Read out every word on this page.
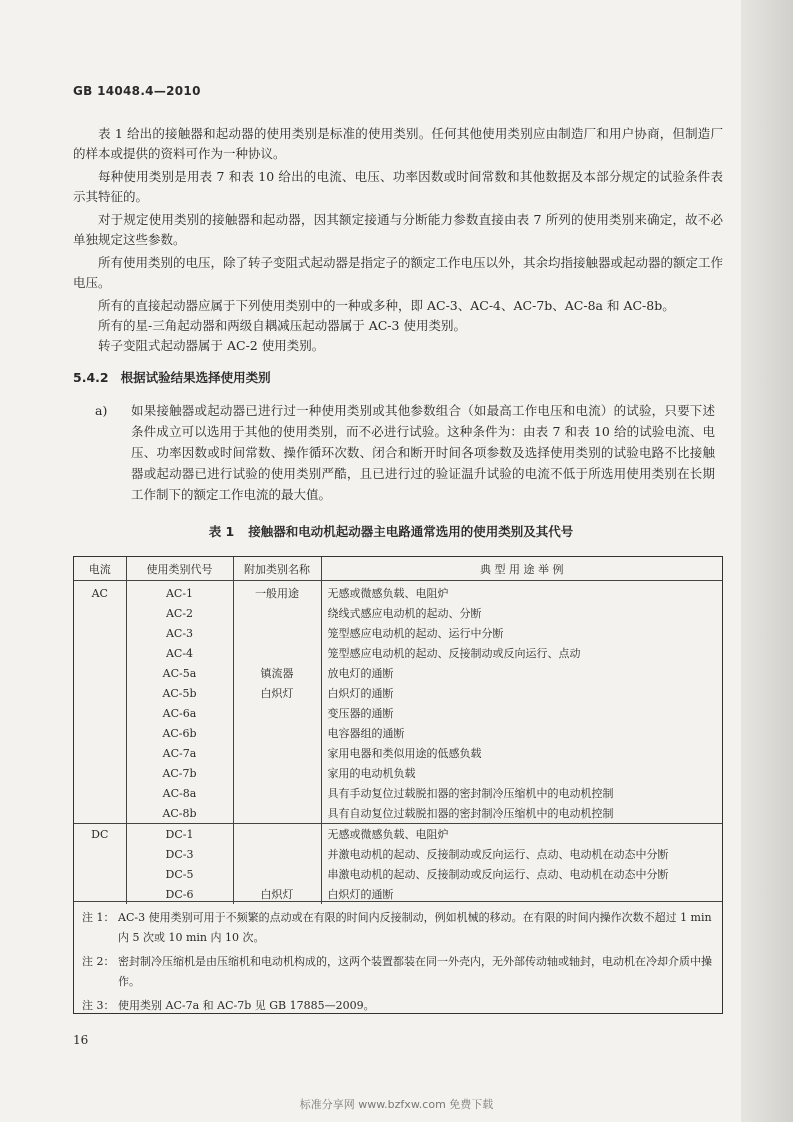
GB 14048.4—2010

表 1 给出的接触器和起动器的使用类别是标准的使用类别。任何其他使用类别应由制造厂和用户协商，但制造厂的样本或提供的资料可作为一种协议。

每种使用类别是用表 7 和表 10 给出的电流、电压、功率因数或时间常数和其他数据及本部分规定的试验条件表示其特征的。

对于规定使用类别的接触器和起动器，因其额定接通与分断能力参数直接由表 7 所列的使用类别来确定，故不必单独规定这些参数。

所有使用类别的电压，除了转子变阻式起动器是指定子的额定工作电压以外，其余均指接触器或起动器的额定工作电压。

所有的直接起动器应属于下列使用类别中的一种或多种，即 AC-3、AC-4、AC-7b、AC-8a 和 AC-8b。

所有的星-三角起动器和两级自耦减压起动器属于 AC-3 使用类别。

转子变阻式起动器属于 AC-2 使用类别。

5.4.2 根据试验结果选择使用类别
a)	如果接触器或起动器已进行过一种使用类别或其他参数组合（如最高工作电压和电流）的试验，只要下述条件成立可以选用于其他的使用类别，而不必进行试验。这种条件为：由表 7 和表 10 给的试验电流、电压、功率因数或时间常数、操作循环次数、闭合和断开时间各项参数及选择使用类别的试验电路不比接触器或起动器已进行试验的使用类别严酷，且已进行过的验证温升试验的电流不低于所选用使用类别在长期工作制下的额定工作电流的最大值。
表 1 接触器和电动机起动器主电路通常选用的使用类别及其代号
电流	使用类别代号	附加类别名称	典 型 用 途 举 例
AC	AC-1	一般用途	无感或微感负载、电阻炉
	AC-2		绕线式感应电动机的起动、分断
	AC-3		笼型感应电动机的起动、运行中分断
	AC-4		笼型感应电动机的起动、反接制动或反向运行、点动
	AC-5a	镇流器	放电灯的通断
	AC-5b	白炽灯	白炽灯的通断
	AC-6a		变压器的通断
	AC-6b		电容器组的通断
	AC-7a		家用电器和类似用途的低感负载
	AC-7b		家用的电动机负载
	AC-8a		具有手动复位过载脱扣器的密封制冷压缩机中的电动机控制
	AC-8b		具有自动复位过载脱扣器的密封制冷压缩机中的电动机控制
DC	DC-1		无感或微感负载、电阻炉
	DC-3		并激电动机的起动、反接制动或反向运行、点动、电动机在动态中分断
	DC-5		串激电动机的起动、反接制动或反向运行、点动、电动机在动态中分断
	DC-6	白炽灯	白炽灯的通断
注 1： AC-3 使用类别可用于不频繁的点动或在有限的时间内反接制动，例如机械的移动。在有限的时间内操作次数不超过 1 min 内 5 次或 10 min 内 10 次。
注 2： 密封制冷压缩机是由压缩机和电动机构成的，这两个装置都装在同一外壳内，无外部传动轴或轴封，电动机在冷却介质中操作。
注 3： 使用类别 AC-7a 和 AC-7b 见 GB 17885—2009。
16
标准分享网 www.bzfxw.com 免费下载
